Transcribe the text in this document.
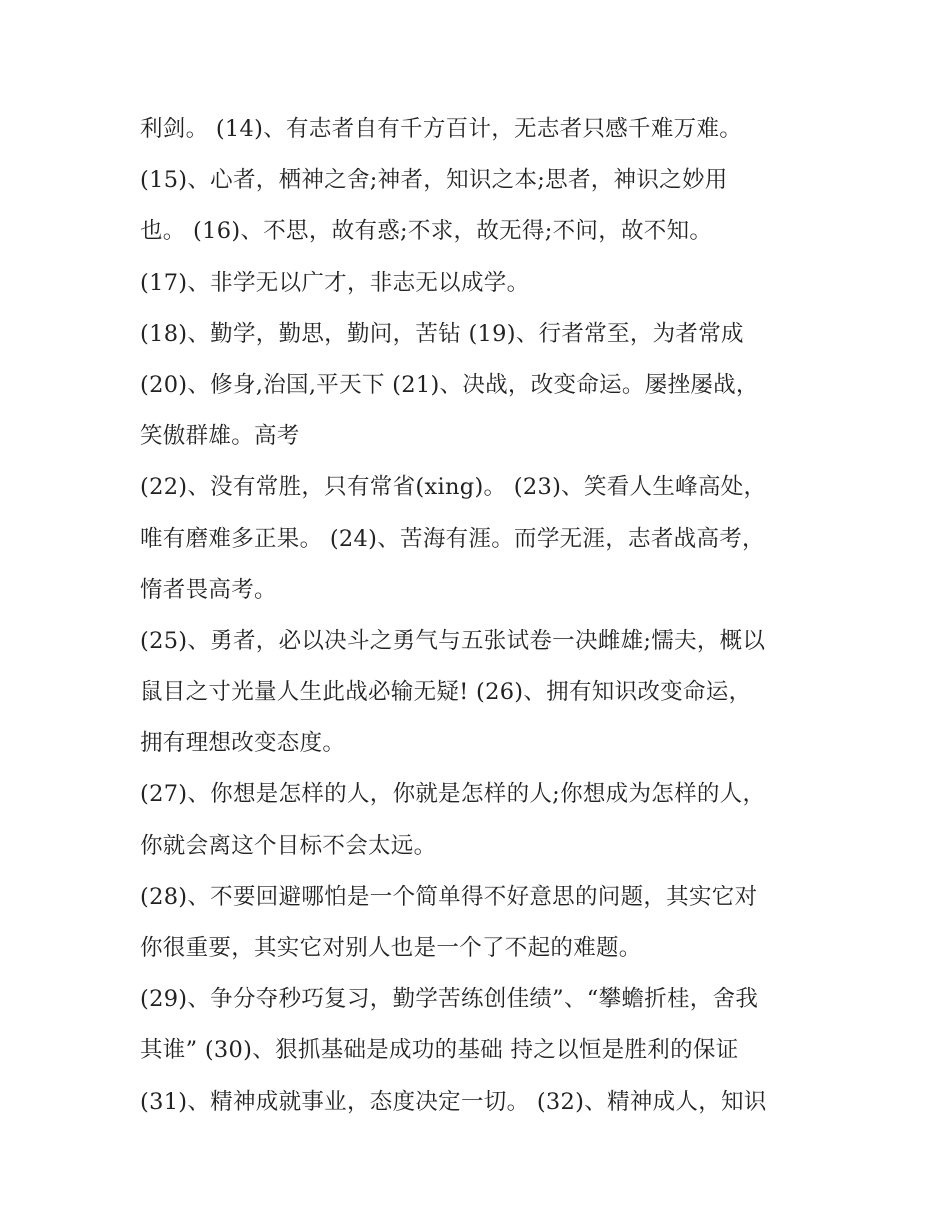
利剑。 (14)、有志者自有千方百计，无志者只感千难万难。
(15)、心者，栖神之舍;神者，知识之本;思者，神识之妙用
也。 (16)、不思，故有惑;不求，故无得;不问，故不知。
(17)、非学无以广才，非志无以成学。
(18)、勤学，勤思，勤问，苦钻 (19)、行者常至，为者常成
(20)、修身,治国,平天下 (21)、决战，改变命运。屡挫屡战，
笑傲群雄。高考
(22)、没有常胜，只有常省(xing)。 (23)、笑看人生峰高处，
唯有磨难多正果。 (24)、苦海有涯。而学无涯，志者战高考，
惰者畏高考。
(25)、勇者，必以决斗之勇气与五张试卷一决雌雄;懦夫，概以
鼠目之寸光量人生此战必输无疑! (26)、拥有知识改变命运，
拥有理想改变态度。
(27)、你想是怎样的人，你就是怎样的人;你想成为怎样的人，
你就会离这个目标不会太远。
(28)、不要回避哪怕是一个简单得不好意思的问题，其实它对
你很重要，其实它对别人也是一个了不起的难题。
(29)、争分夺秒巧复习，勤学苦练创佳绩”、“攀蟾折桂，舍我
其谁” (30)、狠抓基础是成功的基础 持之以恒是胜利的保证
(31)、精神成就事业，态度决定一切。 (32)、精神成人，知识
